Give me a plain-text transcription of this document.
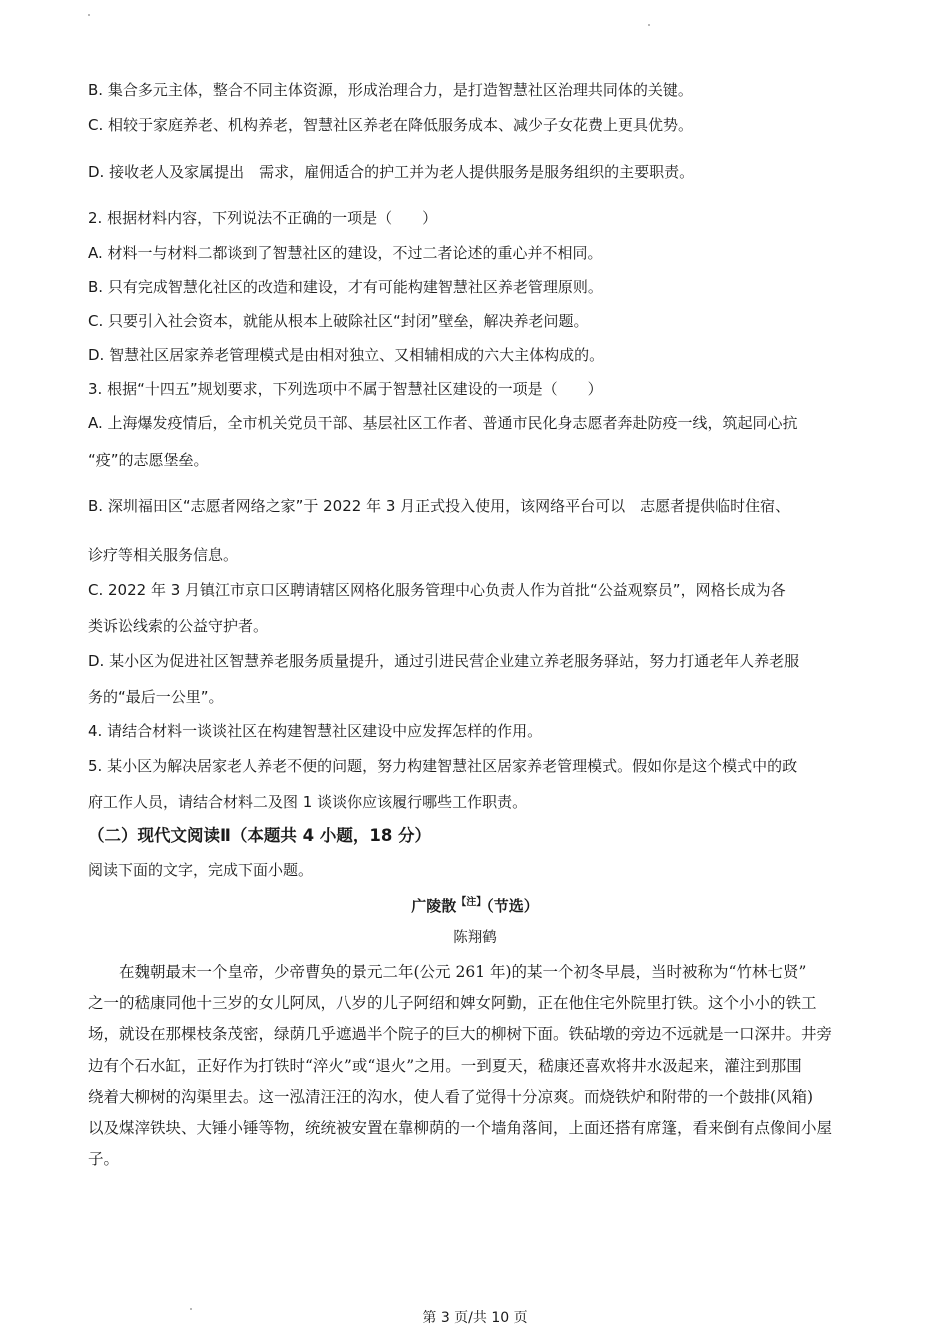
B. 集合多元主体，整合不同主体资源，形成治理合力，是打造智慧社区治理共同体的关键。
C. 相较于家庭养老、机构养老，智慧社区养老在降低服务成本、减少子女花费上更具优势。
D. 接收老人及家属提出　需求，雇佣适合的护工并为老人提供服务是服务组织的主要职责。
2. 根据材料内容，下列说法不正确的一项是（　　）
A. 材料一与材料二都谈到了智慧社区的建设，不过二者论述的重心并不相同。
B. 只有完成智慧化社区的改造和建设，才有可能构建智慧社区养老管理原则。
C. 只要引入社会资本，就能从根本上破除社区“封闭”壁垒，解决养老问题。
D. 智慧社区居家养老管理模式是由相对独立、又相辅相成的六大主体构成的。
3. 根据“十四五”规划要求，下列选项中不属于智慧社区建设的一项是（　　）
A. 上海爆发疫情后，全市机关党员干部、基层社区工作者、普通市民化身志愿者奔赴防疫一线，筑起同心抗
“疫”的志愿堡垒。
B. 深圳福田区“志愿者网络之家”于 2022 年 3 月正式投入使用，该网络平台可以　志愿者提供临时住宿、
诊疗等相关服务信息。
C. 2022 年 3 月镇江市京口区聘请辖区网格化服务管理中心负责人作为首批“公益观察员”，网格长成为各
类诉讼线索的公益守护者。
D. 某小区为促进社区智慧养老服务质量提升，通过引进民营企业建立养老服务驿站，努力打通老年人养老服
务的“最后一公里”。
4. 请结合材料一谈谈社区在构建智慧社区建设中应发挥怎样的作用。
5. 某小区为解决居家老人养老不便的问题，努力构建智慧社区居家养老管理模式。假如你是这个模式中的政
府工作人员，请结合材料二及图 1 谈谈你应该履行哪些工作职责。
（二）现代文阅读Ⅱ（本题共 4 小题，18 分）
阅读下面的文字，完成下面小题。
广陵散$^{【注】}$（节选）
陈翔鹤
在魏朝最末一个皇帝，少帝曹奂的景元二年(公元 261 年)的某一个初冬早晨，当时被称为“竹林七贤”
之一的嵇康同他十三岁的女儿阿凤，八岁的儿子阿绍和婢女阿勤，正在他住宅外院里打铁。这个小小的铁工
场，就设在那棵枝条茂密，绿荫几乎遮過半个院子的巨大的柳树下面。铁砧墩的旁边不远就是一口深井。井旁
边有个石水缸，正好作为打铁时“淬火”或“退火”之用。一到夏天，嵇康还喜欢将井水汲起来，灌注到那围
绕着大柳树的沟渠里去。这一泓清汪汪的沟水，使人看了觉得十分凉爽。而烧铁炉和附带的一个鼓排(风箱)
以及煤滓铁块、大锤小锤等物，统统被安置在靠柳荫的一个墙角落间，上面还搭有席篷，看来倒有点像间小屋
子。
第 3 页/共 10 页
